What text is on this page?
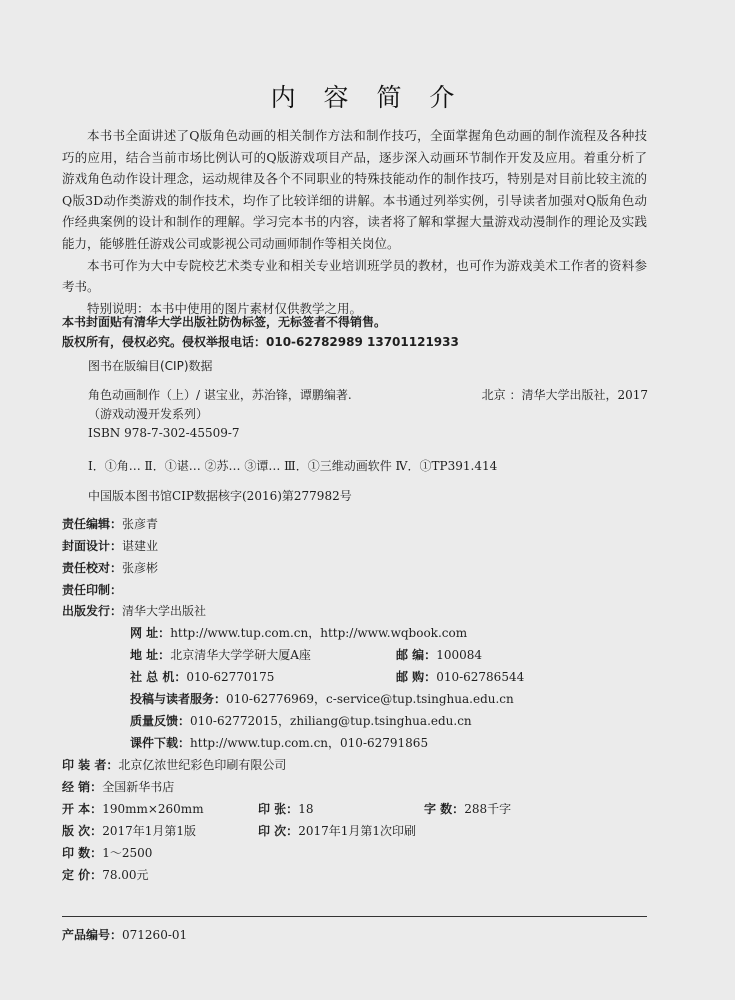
内 容 简 介

本书书全面讲述了Q版角色动画的相关制作方法和制作技巧，全面掌握角色动画的制作流程及各种技巧的应用，结合当前市场比例认可的Q版游戏项目产品，逐步深入动画环节制作开发及应用。着重分析了游戏角色动作设计理念，运动规律及各个不同职业的特殊技能动作的制作技巧，特别是对目前比较主流的Q版3D动作类游戏的制作技术，均作了比较详细的讲解。本书通过列举实例，引导读者加强对Q版角色动作经典案例的设计和制作的理解。学习完本书的内容，读者将了解和掌握大量游戏动漫制作的理论及实践能力，能够胜任游戏公司或影视公司动画师制作等相关岗位。

本书可作为大中专院校艺术类专业和相关专业培训班学员的教材，也可作为游戏美术工作者的资料参考书。

特别说明：本书中使用的图片素材仅供教学之用。

本书封面贴有清华大学出版社防伪标签，无标签者不得销售。
版权所有，侵权必究。侵权举报电话：010-62782989 13701121933
图书在版编目(CIP)数据
角色动画制作（上）/ 谌宝业，苏治锋，谭鹏编著.	北京 ：清华大学出版社，2017
（游戏动漫开发系列）
ISBN 978-7-302-45509-7
Ⅰ．①角… Ⅱ．①谌… ②苏… ③谭… Ⅲ．①三维动画软件 Ⅳ．①TP391.414
中国版本图书馆CIP数据核字(2016)第277982号
责任编辑：张彦青
封面设计：谌建业
责任校对：张彦彬
责任印制：
出版发行：清华大学出版社
网 址：http://www.tup.com.cn，http://www.wqbook.com
地 址：北京清华大学学研大厦A座	邮 编：100084
社 总 机：010-62770175	邮 购：010-62786544
投稿与读者服务：010-62776969，c-service@tup.tsinghua.edu.cn
质量反馈：010-62772015，zhiliang@tup.tsinghua.edu.cn
课件下载：http://www.tup.com.cn，010-62791865
印 装 者：北京亿浓世纪彩色印刷有限公司
经 销：全国新华书店
开 本：190mm×260mm	印 张：18	字 数：288千字
版 次：2017年1月第1版	印 次：2017年1月第1次印刷
印 数：1～2500
定 价：78.00元
产品编号：071260-01
